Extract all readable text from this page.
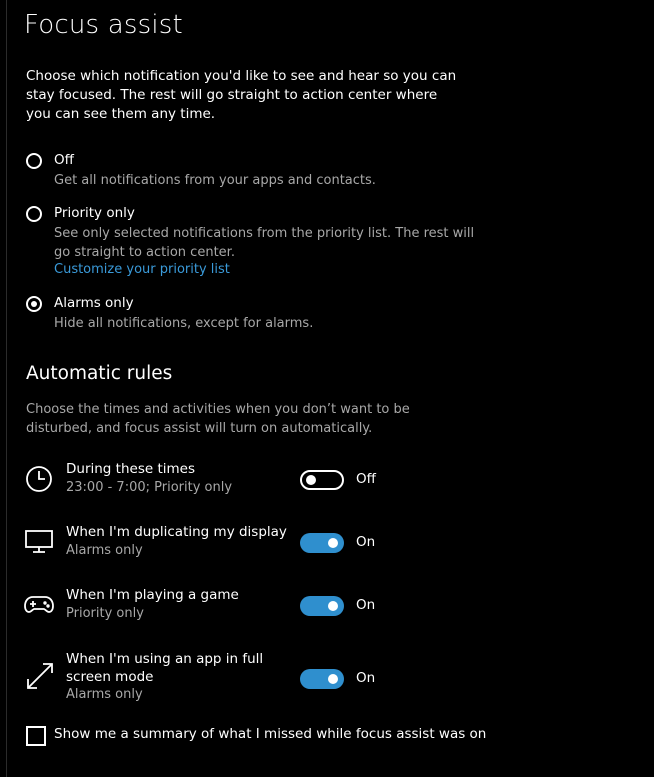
Focus assist
Choose which notification you'd like to see and hear so you can stay focused. The rest will go straight to action center where you can see them any time.
Off
Get all notifications from your apps and contacts.
Priority only
See only selected notifications from the priority list. The rest will go straight to action center.
Customize your priority list
Alarms only
Hide all notifications, except for alarms.
Automatic rules
Choose the times and activities when you don’t want to be disturbed, and focus assist will turn on automatically.
During these times
23:00 - 7:00; Priority only
Off
When I'm duplicating my display
Alarms only
On
When I'm playing a game
Priority only
On
When I'm using an app in full screen mode
Alarms only
On
Show me a summary of what I missed while focus assist was on
